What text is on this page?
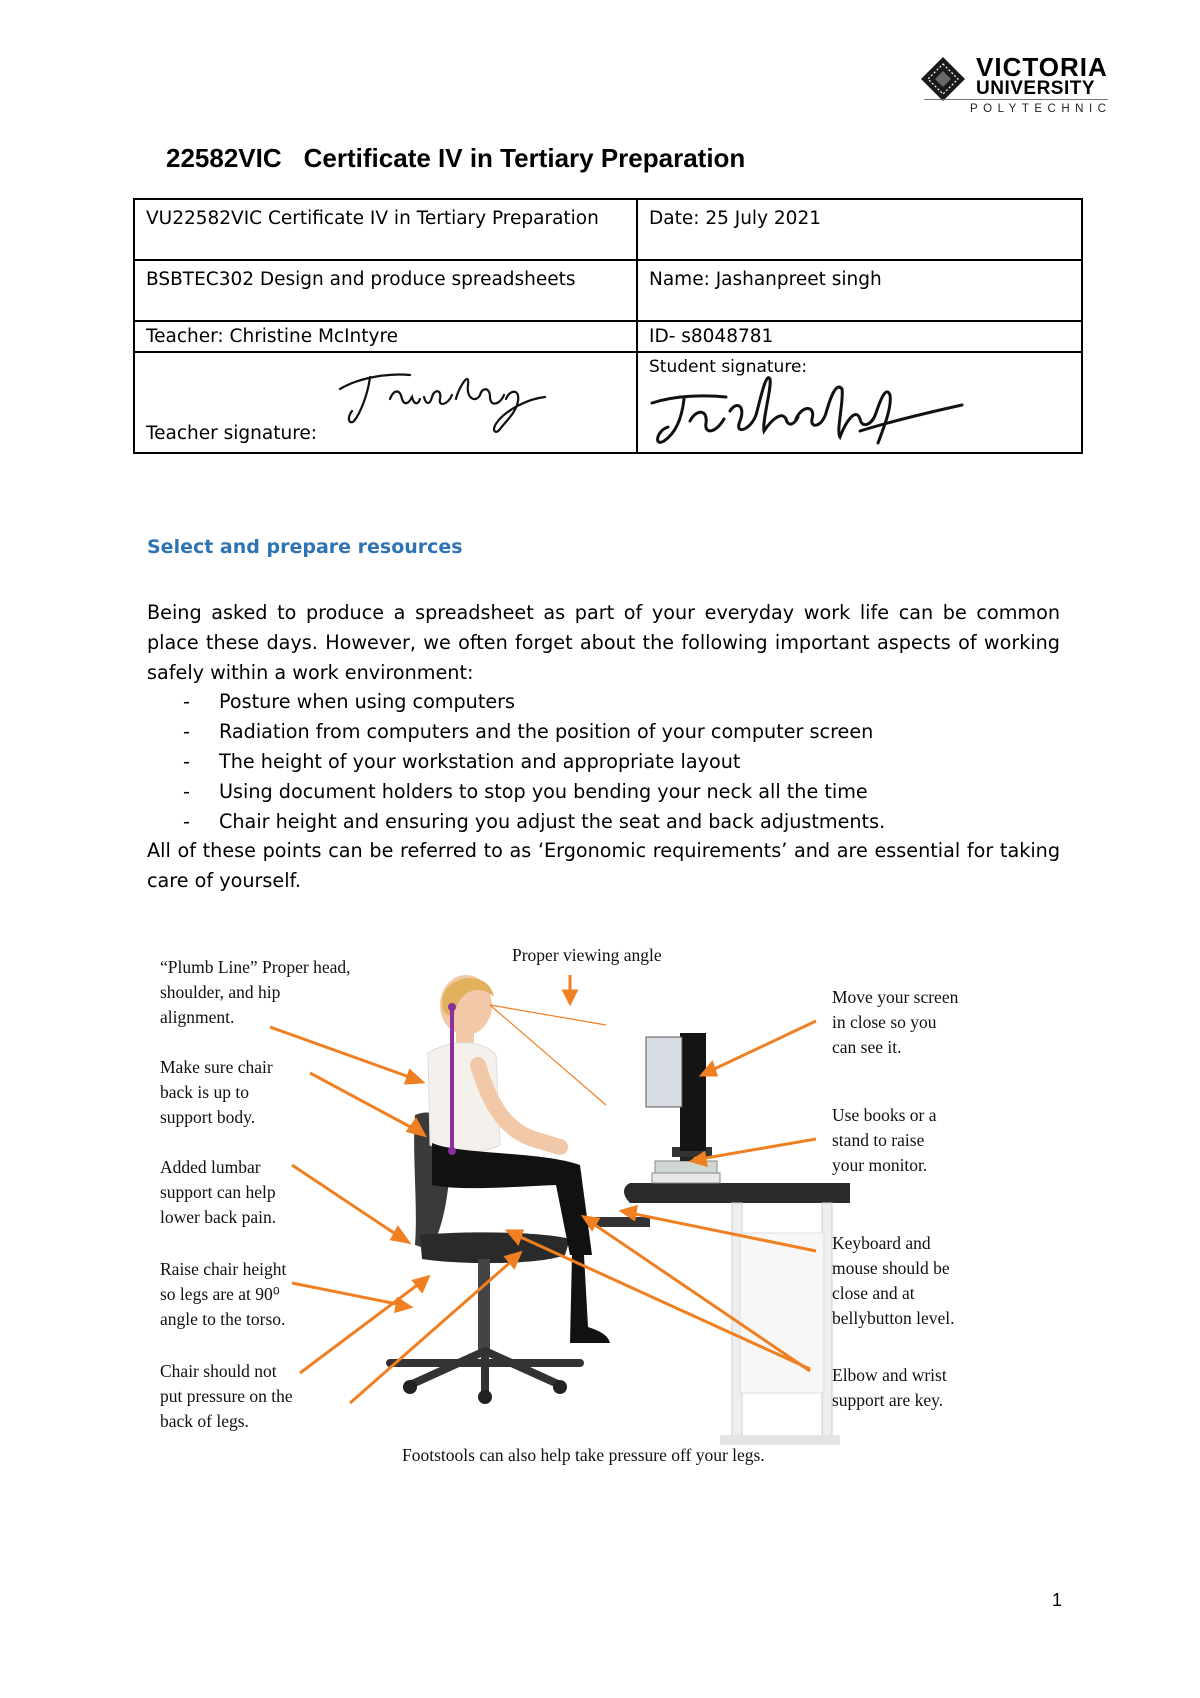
VICTORIA
UNIVERSITY
POLYTECHNIC
22582VIC Certificate IV in Tertiary Preparation
VU22582VIC Certificate IV in Tertiary Preparation	Date: 25 July 2021
BSBTEC302 Design and produce spreadsheets	Name: Jashanpreet singh
Teacher: Christine McIntyre	ID- s8048781

Teacher signature:	Student signature:
Select and prepare resources

Being asked to produce a spreadsheet as part of your everyday work life can be common place these days. However, we often forget about the following important aspects of working safely within a work environment:

- Posture when using computers
- Radiation from computers and the position of your computer screen
- The height of your workstation and appropriate layout
- Using document holders to stop you bending your neck all the time
- Chair height and ensuring you adjust the seat and back adjustments.

All of these points can be referred to as ‘Ergonomic requirements’ and are essential for taking care of yourself.

“Plumb Line” Proper head,
shoulder, and hip
alignment.
Make sure chair
back is up to
support body.
Added lumbar
support can help
lower back pain.
Raise chair height
so legs are at 90⁰
angle to the torso.
Chair should not
put pressure on the
back of legs.
Proper viewing angle
Move your screen
in close so you
can see it.
Use books or a
stand to raise
your monitor.
Keyboard and
mouse should be
close and at
bellybutton level.
Elbow and wrist
support are key.
Footstools can also help take pressure off your legs.
1
